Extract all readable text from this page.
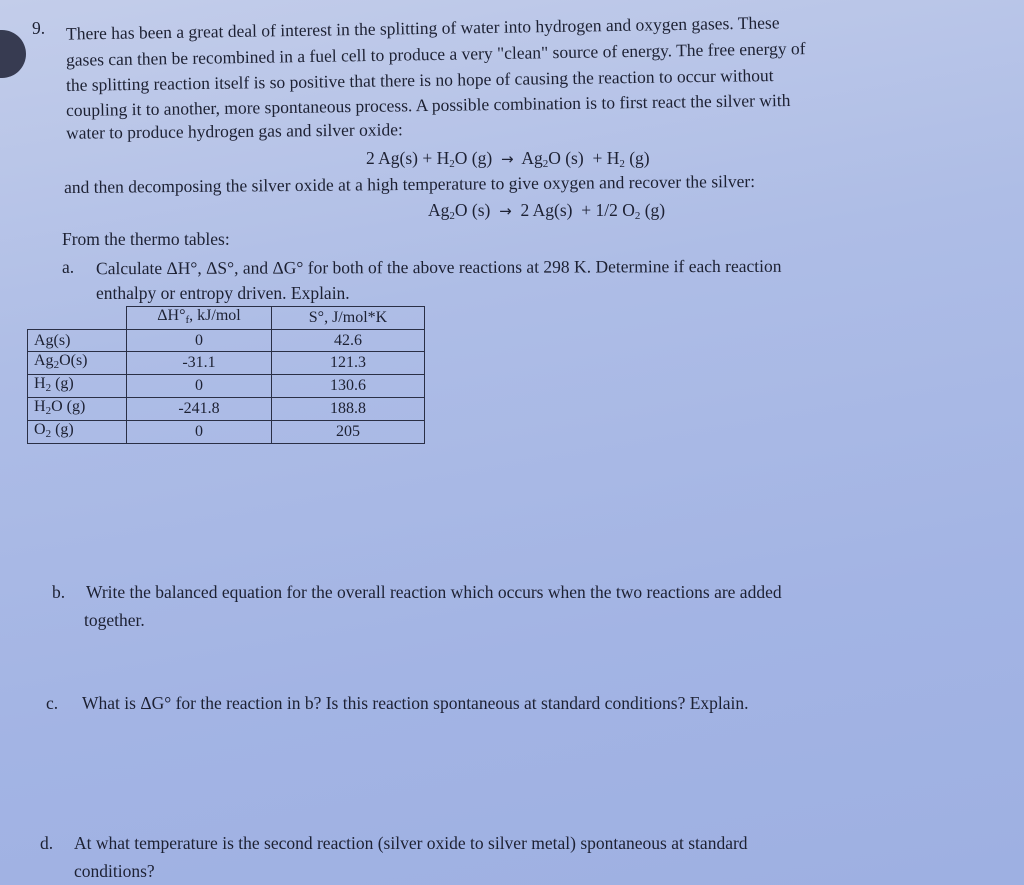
9. There has been a great deal of interest in the splitting of water into hydrogen and oxygen gases. These
gases can then be recombined in a fuel cell to produce a very "clean" source of energy. The free energy of
the splitting reaction itself is so positive that there is no hope of causing the reaction to occur without
coupling it to another, more spontaneous process. A possible combination is to first react the silver with
water to produce hydrogen gas and silver oxide:
2 $Ag(s) + H_2O$ $(g) \to Ag_2O$ $(s) + H_2$ (g)
and then decomposing the silver oxide at a high temperature to give oxygen and recover the silver:
$Ag_2O$ (s) → 2 Ag(s) + 1/2 $O_2$ (g)
From the thermo tables:
a. Calculate ΔH°, ΔS°, and ΔG° for both of the above reactions at 298 K. Determine if each reaction
enthalpy or entropy driven. Explain.
	$\Delta H^\circ_f$, kJ/mol	S°, J/mol*K
Ag(s)	0	42.6
$Ag_2O(s)$	-31.1	121.3
$H_2$ (g)	0	130.6
$H_2O$ (g)	-241.8	188.8
$O_2$ (g)	0	205
b. Write the balanced equation for the overall reaction which occurs when the two reactions are added
together.
c. What is ΔG° for the reaction in b? Is this reaction spontaneous at standard conditions? Explain.
d. At what temperature is the second reaction (silver oxide to silver metal) spontaneous at standard
conditions?
